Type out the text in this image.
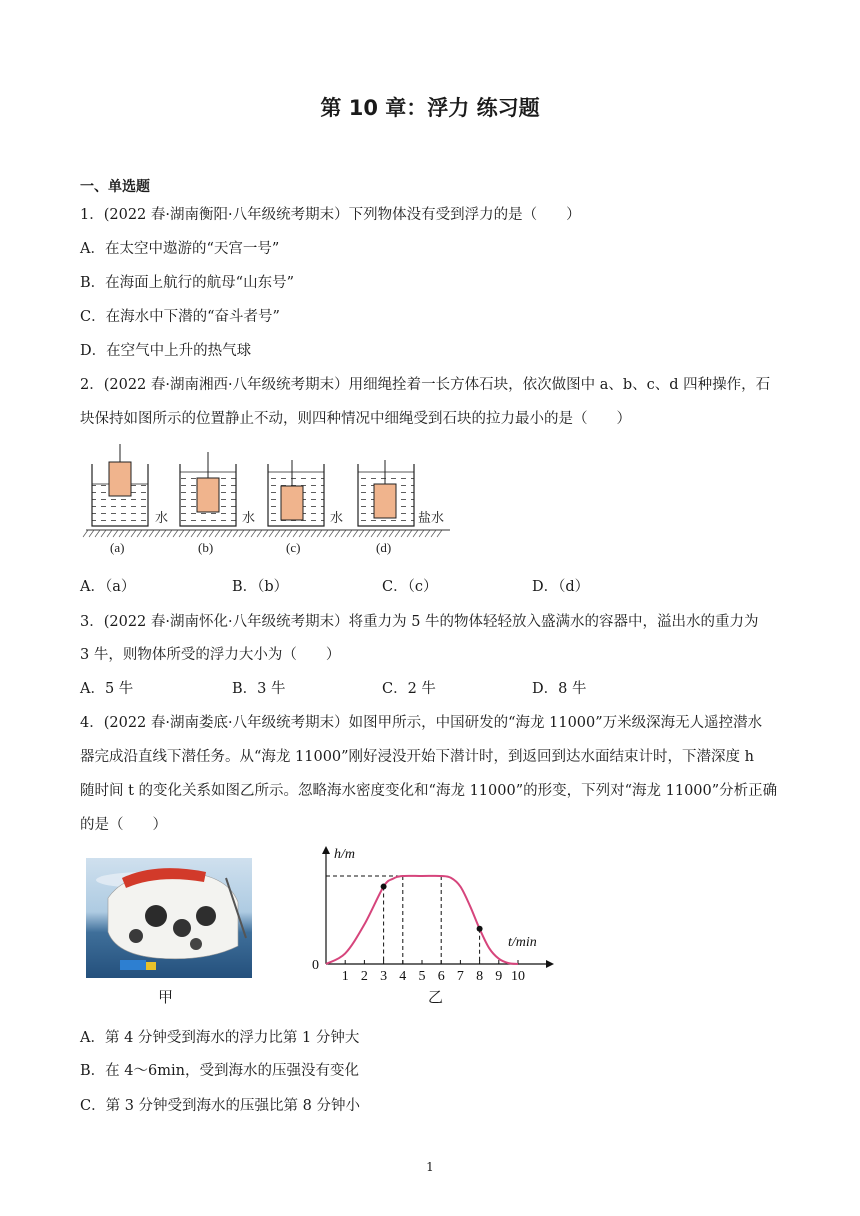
第 10 章：浮力 练习题
一、单选题
1．(2022 春·湖南衡阳·八年级统考期末）下列物体没有受到浮力的是（　　）
A．在太空中遨游的“天宫一号”
B．在海面上航行的航母“山东号”
C．在海水中下潜的“奋斗者号”
D．在空气中上升的热气球
2．(2022 春·湖南湘西·八年级统考期末）用细绳拴着一长方体石块，依次做图中 a、b、c、d 四种操作，石
块保持如图所示的位置静止不动，则四种情况中细绳受到石块的拉力最小的是（　　）
水	水	水	盐水
(a)	(b)	(c)	(d)
A．（a）	B．（b）	C．（c）	D．（d）
3．(2022 春·湖南怀化·八年级统考期末）将重力为 5 牛的物体轻轻放入盛满水的容器中，溢出水的重力为
3 牛，则物体所受的浮力大小为（　　）
A．5 牛	B．3 牛	C．2 牛	D．8 牛
4．(2022 春·湖南娄底·八年级统考期末）如图甲所示，中国研发的“海龙 11000”万米级深海无人遥控潜水
器完成沿直线下潜任务。从“海龙 11000”刚好浸没开始下潜计时，到返回到达水面结束计时，下潜深度 h
随时间 t 的变化关系如图乙所示。忽略海水密度变化和“海龙 11000”的形变，下列对“海龙 11000”分析正确
的是（　　）
甲
h/m
t/min
0
1 2 3 4 5 6 7 8 9 10
乙
A．第 4 分钟受到海水的浮力比第 1 分钟大
B．在 4～6min，受到海水的压强没有变化
C．第 3 分钟受到海水的压强比第 8 分钟小
1
